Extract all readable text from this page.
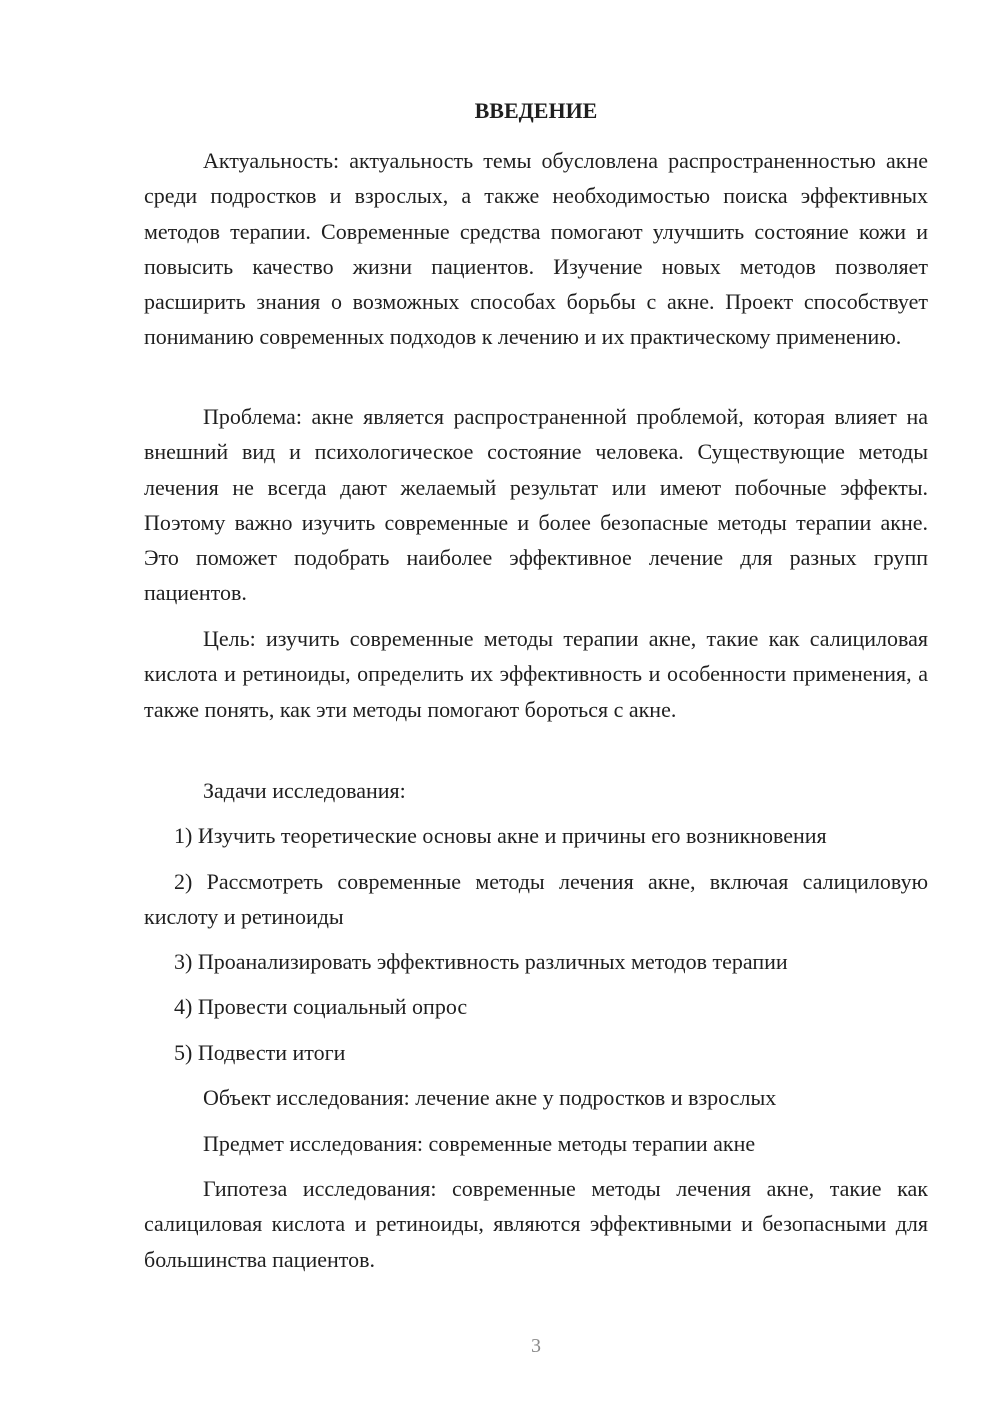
ВВЕДЕНИЕ

Актуальность: актуальность темы обусловлена распространенностью акне среди подростков и взрослых, а также необходимостью поиска эффективных методов терапии. Современные средства помогают улучшить состояние кожи и повысить качество жизни пациентов. Изучение новых методов позволяет расширить знания о возможных способах борьбы с акне. Проект способствует пониманию современных подходов к лечению и их практическому применению.

Проблема: акне является распространенной проблемой, которая влияет на внешний вид и психологическое состояние человека. Существующие методы лечения не всегда дают желаемый результат или имеют побочные эффекты. Поэтому важно изучить современные и более безопасные методы терапии акне. Это поможет подобрать наиболее эффективное лечение для разных групп пациентов.

Цель: изучить современные методы терапии акне, такие как салициловая кислота и ретиноиды, определить их эффективность и особенности применения, а также понять, как эти методы помогают бороться с акне.

Задачи исследования:

1) Изучить теоретические основы акне и причины его возникновения

2) Рассмотреть современные методы лечения акне, включая салициловую кислоту и ретиноиды

3) Проанализировать эффективность различных методов терапии

4) Провести социальный опрос

5) Подвести итоги

Объект исследования: лечение акне у подростков и взрослых

Предмет исследования: современные методы терапии акне

Гипотеза исследования: современные методы лечения акне, такие как салициловая кислота и ретиноиды, являются эффективными и безопасными для большинства пациентов.

3
